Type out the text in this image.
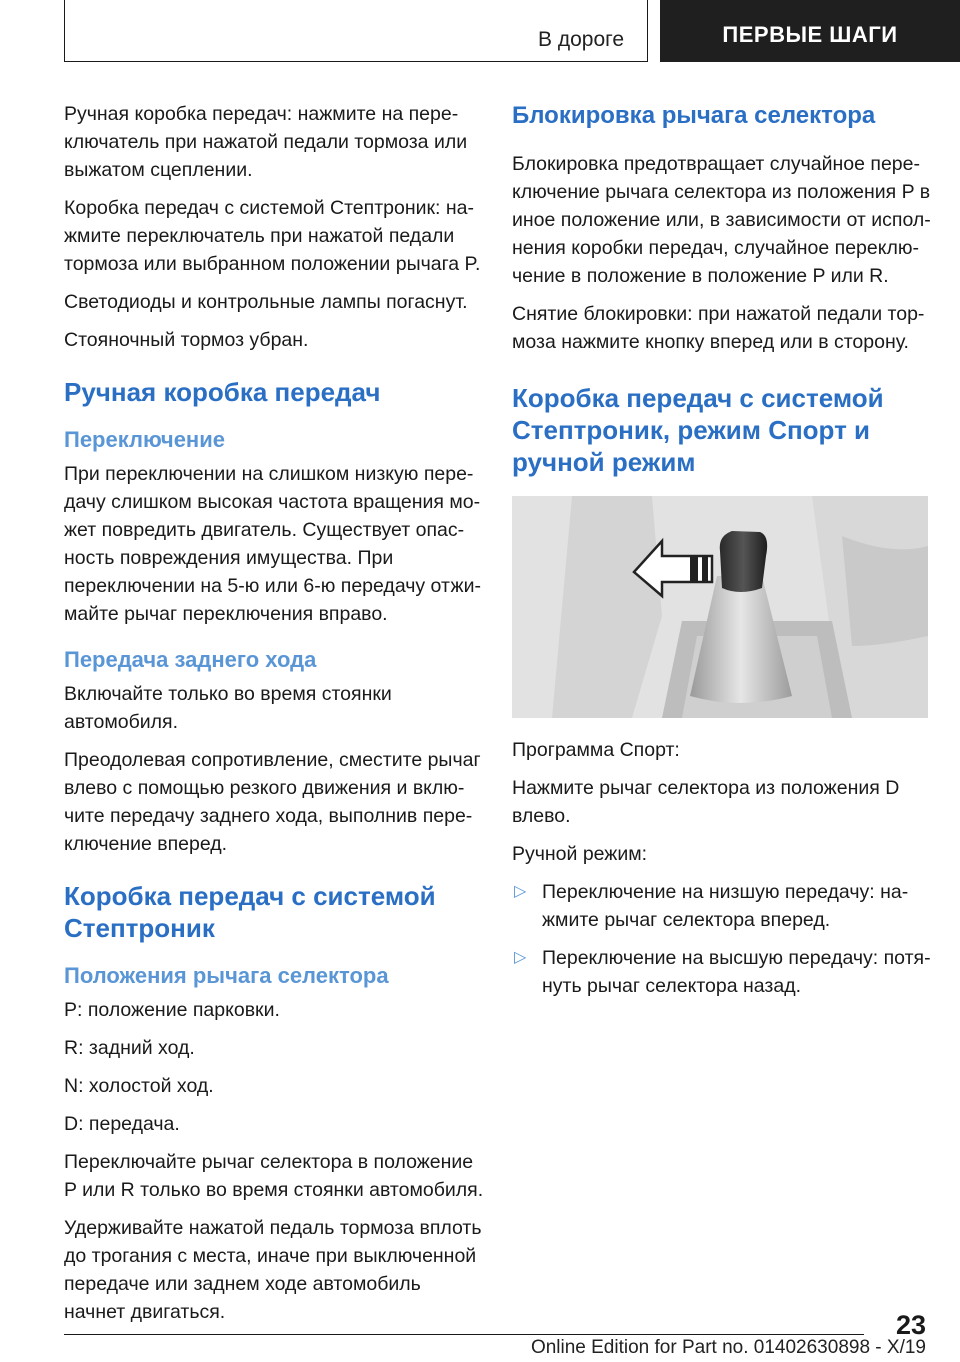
В дороге	ПЕРВЫЕ ШАГИ

Ручная коробка передач: нажмите на пере‐ ключатель при нажатой педали тормоза или выжатом сцеплении.

Коробка передач с системой Стептроник: на‐ жмите переключатель при нажатой педали тормоза или выбранном положении рычага P.

Светодиоды и контрольные лампы погаснут.

Стояночный тормоз убран.

Ручная коробка передач
Переключение

При переключении на слишком низкую пере‐ дачу слишком высокая частота вращения мо‐ жет повредить двигатель. Существует опас‐ ность повреждения имущества. При переключении на 5-ю или 6-ю передачу отжи‐ майте рычаг переключения вправо.

Передача заднего хода

Включайте только во время стоянки автомобиля.

Преодолевая сопротивление, сместите рычаг влево с помощью резкого движения и вклю‐ чите передачу заднего хода, выполнив пере‐ ключение вперед.

Коробка передач с системой Стептроник
Положения рычага селектора

P: положение парковки.

R: задний ход.

N: холостой ход.

D: передача.

Переключайте рычаг селектора в положение P или R только во время стоянки автомобиля.

Удерживайте нажатой педаль тормоза вплоть до трогания с места, иначе при выключенной передаче или заднем ходе автомобиль начнет двигаться.

Блокировка рычага селектора

Блокировка предотвращает случайное пере‐ ключение рычага селектора из положения P в иное положение или, в зависимости от испол‐ нения коробки передач, случайное переклю‐ чение в положение в положение P или R.

Снятие блокировки: при нажатой педали тор‐ моза нажмите кнопку вперед или в сторону.

Коробка передач с системой Стептроник, режим Спорт и ручной режим

Программа Спорт:

Нажмите рычаг селектора из положения D влево.

Ручной режим:

▷ Переключение на низшую передачу: на‐ жмите рычаг селектора вперед.
▷ Переключение на высшую передачу: потя‐ нуть рычаг селектора назад.
23
Online Edition for Part no. 01402630898 - X/19
